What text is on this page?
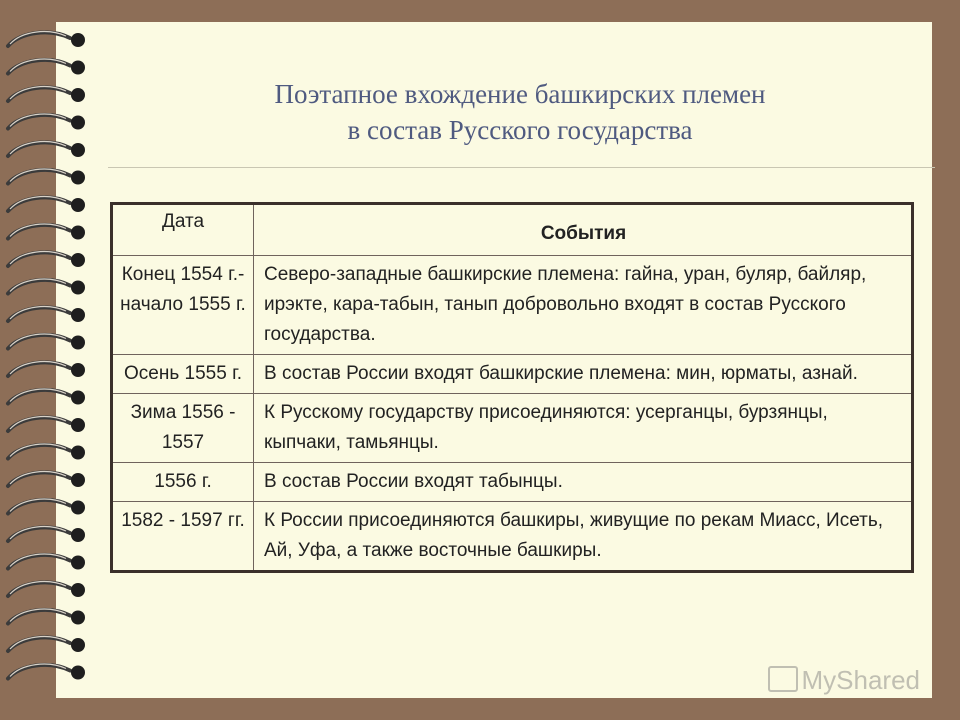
Поэтапное вхождение башкирских племен
в состав Русского государства
Дата	События
Конец 1554 г.- начало 1555 г.	Северо-западные башкирские племена: гайна, уран, буляр, байляр, ирэкте, кара-табын, танып добровольно входят в состав Русского государства.
Осень 1555 г.	В состав России входят башкирские племена: мин, юрматы, азнай.
Зима 1556 - 1557	К Русскому государству присоединяются: усерганцы, бурзянцы, кыпчаки, тамьянцы.
1556 г.	В состав России входят табынцы.
1582 - 1597 гг.	К России присоединяются башкиры, живущие по рекам Миасс, Исеть, Ай, Уфа, а также восточные башкиры.
MyShared
